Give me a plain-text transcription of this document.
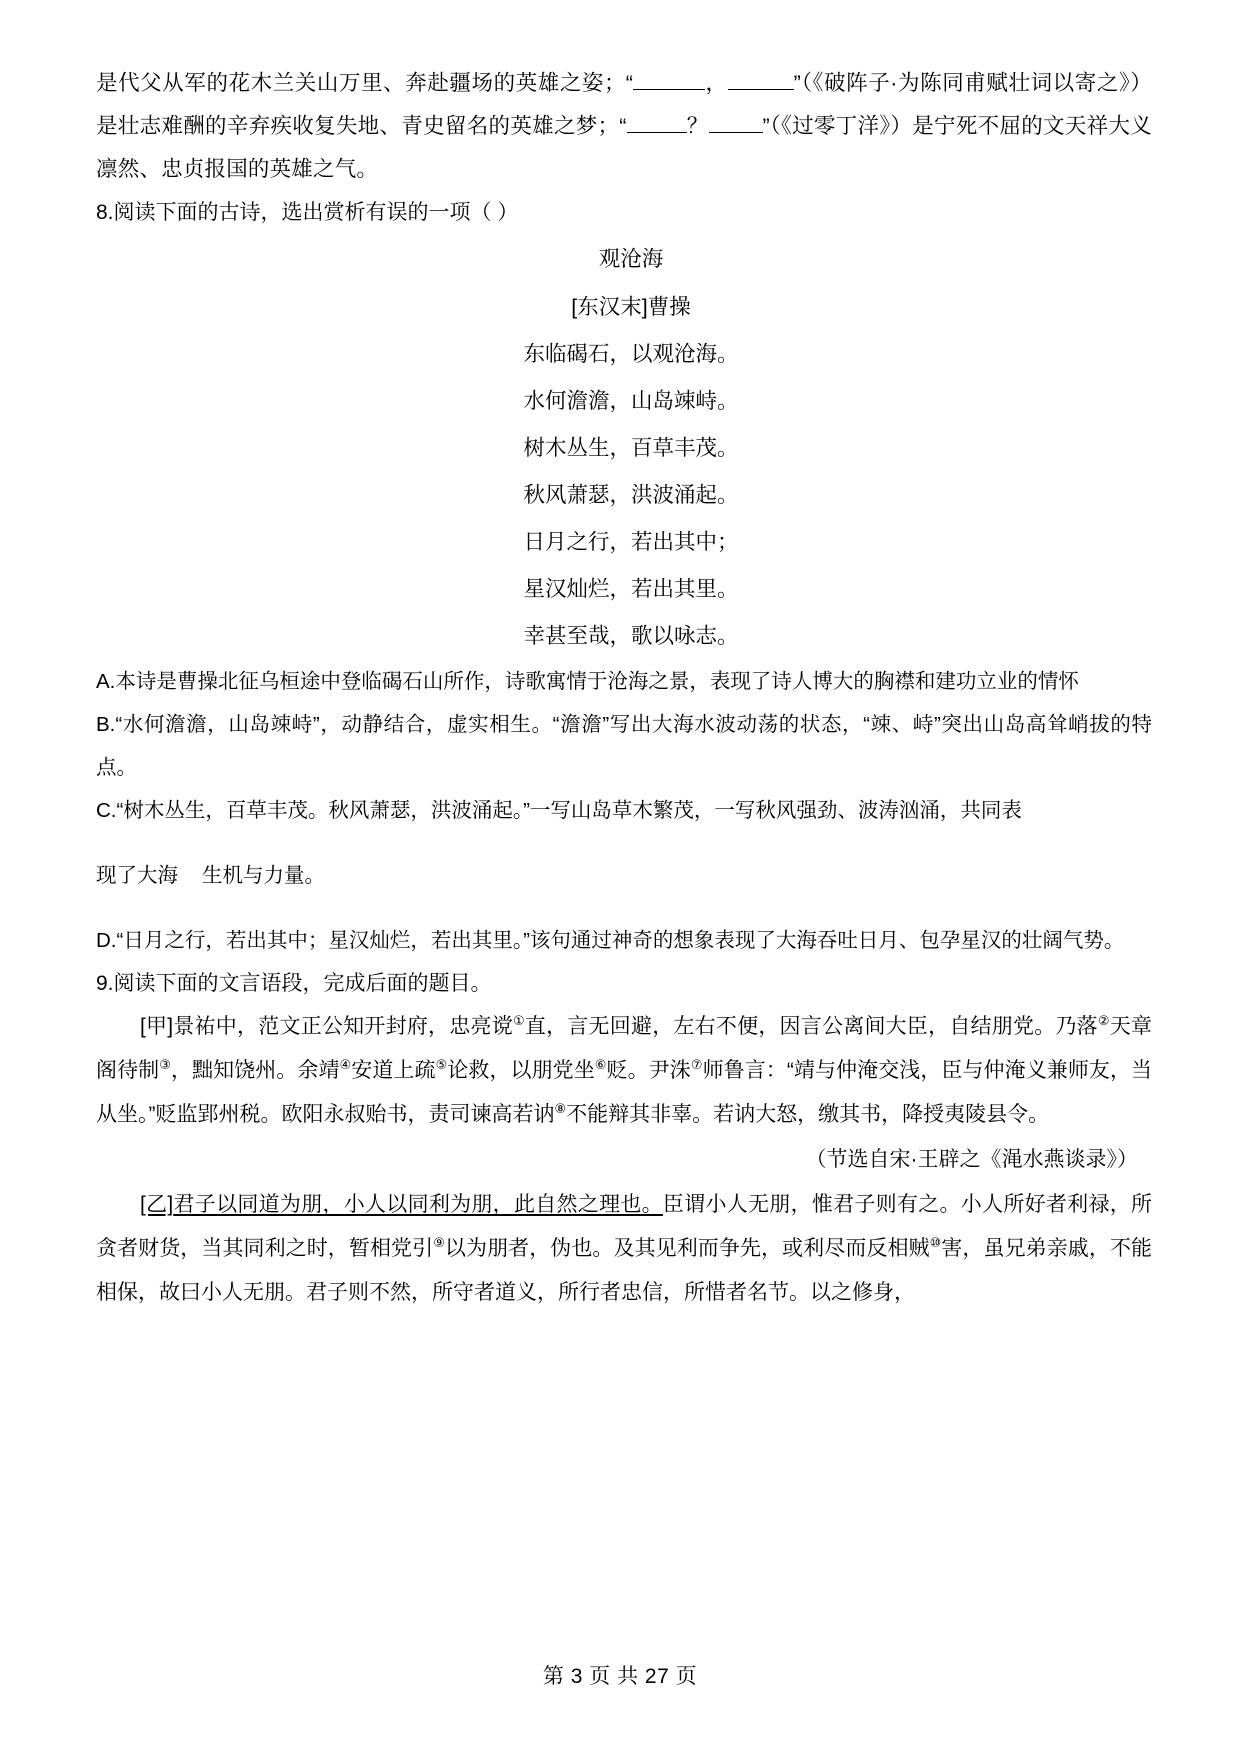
是代父从军的花木兰关山万里、奔赴疆场的英雄之姿；“	，	”（《破阵子·为陈同甫赋壮词以寄之》）是壮志难酬的辛弃疾收复失地、青史留名的英雄之梦；“	？	”（《过零丁洋》）是宁死不屈的文天祥大义凛然、忠贞报国的英雄之气。

8.阅读下面的古诗，选出赏析有误的一项（ ）

观沧海

[东汉末]曹操

东临碣石，以观沧海。

水何澹澹，山岛竦峙。

树木丛生，百草丰茂。

秋风萧瑟，洪波涌起。

日月之行，若出其中；

星汉灿烂，若出其里。

幸甚至哉，歌以咏志。

A.本诗是曹操北征乌桓途中登临碣石山所作，诗歌寓情于沧海之景，表现了诗人博大的胸襟和建功立业的情怀

B.“水何澹澹，山岛竦峙”，动静结合，虚实相生。“澹澹”写出大海水波动荡的状态，“竦、峙”突出山岛高耸峭拔的特点。

C.“树木丛生，百草丰茂。秋风萧瑟，洪波涌起。”一写山岛草木繁茂，一写秋风强劲、波涛汹涌，共同表

现了大海 生机与力量。

D.“日月之行，若出其中；星汉灿烂，若出其里。”该句通过神奇的想象表现了大海吞吐日月、包孕星汉的壮阔气势。

9.阅读下面的文言语段，完成后面的题目。

[甲]景祐中，范文正公知开封府，忠亮谠①直，言无回避，左右不便，因言公离间大臣，自结朋党。乃落②天章阁待制③，黜知饶州。余靖④安道上疏⑤论救，以朋党坐⑥贬。尹洙⑦师鲁言：“靖与仲淹交浅，臣与仲淹义兼师友，当从坐。”贬监郢州税。欧阳永叔贻书，责司谏高若讷⑧不能辩其非辜。若讷大怒，缴其书，降授夷陵县令。

（节选自宋·王辟之《渑水燕谈录》）

[乙]君子以同道为朋，小人以同利为朋，此自然之理也。臣谓小人无朋，惟君子则有之。小人所好者利禄，所贪者财货，当其同利之时，暂相党引⑨以为朋者，伪也。及其见利而争先，或利尽而反相贼⑩害，虽兄弟亲戚，不能相保，故曰小人无朋。君子则不然，所守者道义，所行者忠信，所惜者名节。以之修身，

第 3 页 共 27 页
